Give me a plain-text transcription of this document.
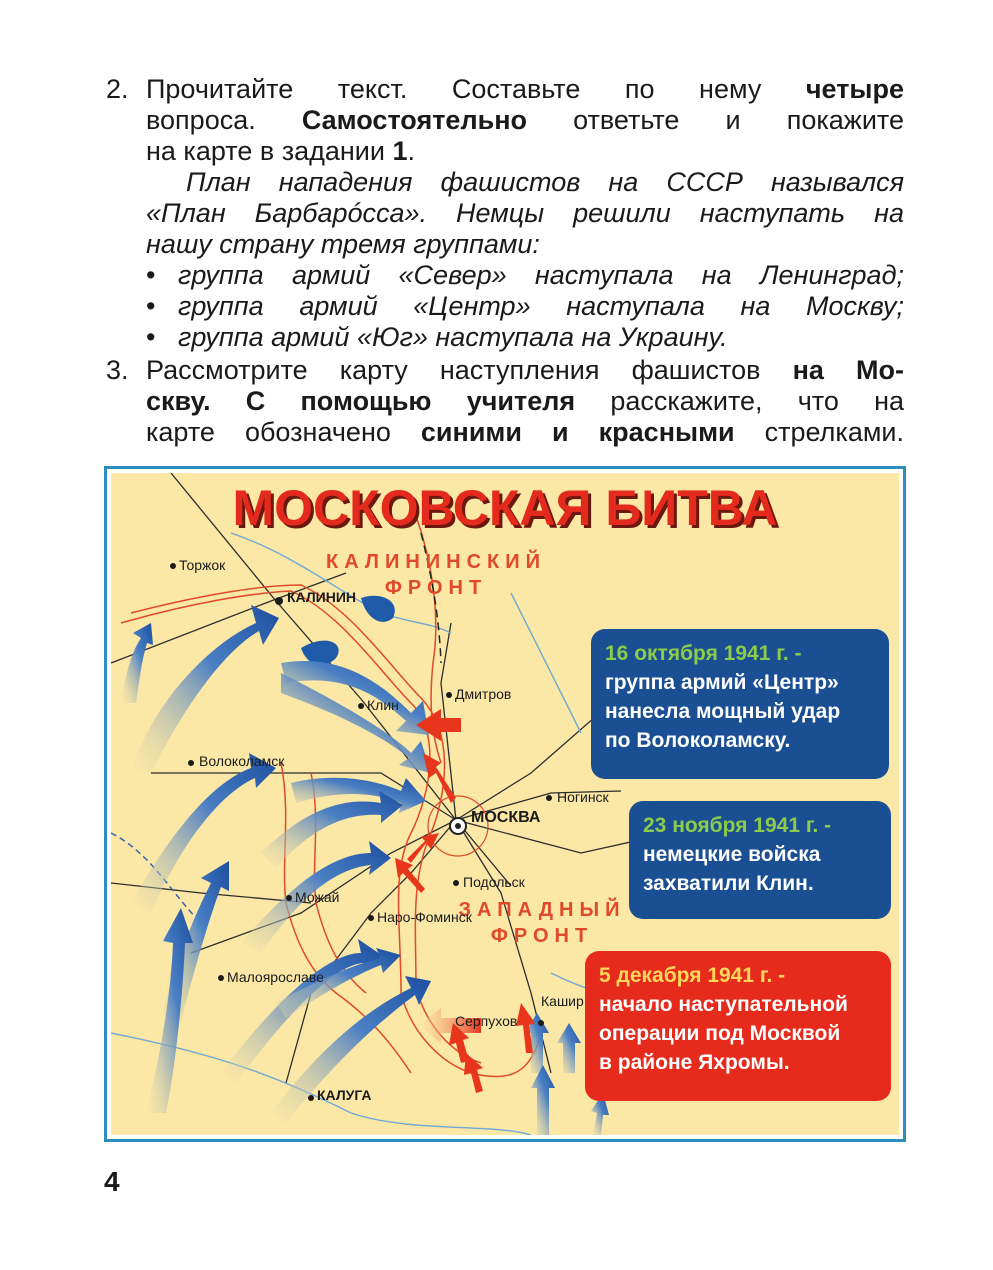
2. Прочитайте текст. Составьте по нему четыре
вопроса. Самостоятельно ответьте и покажите
на карте в задании 1.
План нападения фашистов на СССР назывался
«План Барбарóсса». Немцы решили наступать на
нашу страну тремя группами:
• группа армий «Север» наступала на Ленинград;
• группа армий «Центр» наступала на Москву;
• группа армий «Юг» наступала на Украину.
3. Рассмотрите карту наступления фашистов на Мо-
скву. С помощью учителя расскажите, что на
карте обозначено синими и красными стрелками.
МОСКОВСКАЯ БИТВА
КАЛИНИНСКИЙ
ФРОНТ
ЗАПАДНЫЙ
ФРОНТ
Торжок
КАЛИНИН
Дмитров
Клин
Волоколамск
Ногинск
МОСКВА
Можай
Подольск
Наро-Фоминск
Малоярославе
Кашир
Серпухов
КАЛУГА
16 октября 1941 г. -
группа армий «Центр»
нанесла мощный удар
по Волоколамску.
23 ноября 1941 г. -
немецкие войска
захватили Клин.
5 декабря 1941 г. -
начало наступательной
операции под Москвой
в районе Яхромы.
4
